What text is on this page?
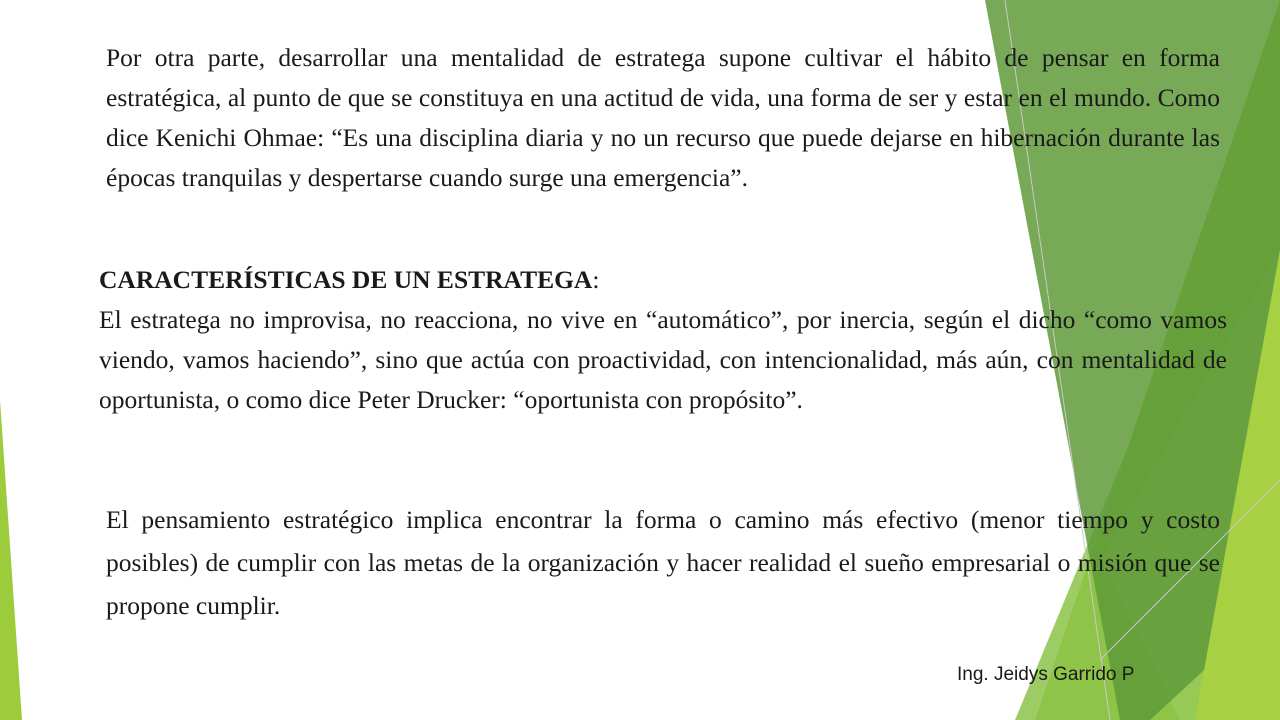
Por otra parte, desarrollar una mentalidad de estratega supone cultivar el hábito de pensar en forma estratégica, al punto de que se constituya en una actitud de vida, una forma de ser y estar en el mundo. Como dice Kenichi Ohmae: “Es una disciplina diaria y no un recurso que puede dejarse en hibernación durante las épocas tranquilas y despertarse cuando surge una emergencia”.

CARACTERÍSTICAS DE UN ESTRATEGA:
El estratega no improvisa, no reacciona, no vive en “automático”, por inercia, según el dicho “como vamos viendo, vamos haciendo”, sino que actúa con proactividad, con intencionalidad, más aún, con mentalidad de oportunista, o como dice Peter Drucker: “oportunista con propósito”.

El pensamiento estratégico implica encontrar la forma o camino más efectivo (menor tiempo y costo posibles) de cumplir con las metas de la organización y hacer realidad el sueño empresarial o misión que se propone cumplir.

Ing. Jeidys Garrido P
